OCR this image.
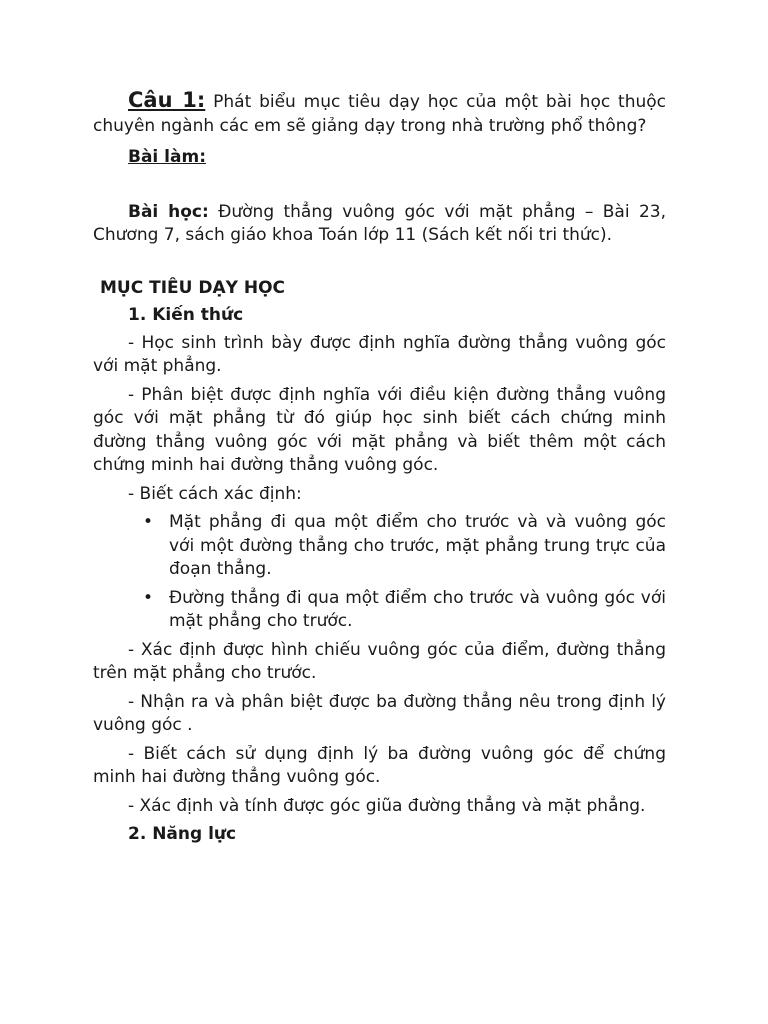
Câu 1: Phát biểu mục tiêu dạy học của một bài học thuộc chuyên ngành các em sẽ giảng dạy trong nhà trường phổ thông?

Bài làm:

Bài học: Đường thẳng vuông góc với mặt phẳng – Bài 23, Chương 7, sách giáo khoa Toán lớp 11 (Sách kết nối tri thức).

MỤC TIÊU DẠY HỌC

1. Kiến thức

- Học sinh trình bày được định nghĩa đường thẳng vuông góc với mặt phẳng.

- Phân biệt được định nghĩa với điều kiện đường thẳng vuông góc với mặt phẳng từ đó giúp học sinh biết cách chứng minh đường thẳng vuông góc với mặt phẳng và biết thêm một cách chứng minh hai đường thẳng vuông góc.

- Biết cách xác định:

• Mặt phẳng đi qua một điểm cho trước và và vuông góc với một đường thẳng cho trước, mặt phẳng trung trực của đoạn thẳng.
• Đường thẳng đi qua một điểm cho trước và vuông góc với mặt phẳng cho trước.

- Xác định được hình chiếu vuông góc của điểm, đường thẳng trên mặt phẳng cho trước.

- Nhận ra và phân biệt được ba đường thẳng nêu trong định lý vuông góc .

- Biết cách sử dụng định lý ba đường vuông góc để chứng minh hai đường thẳng vuông góc.

- Xác định và tính được góc giũa đường thẳng và mặt phẳng.

2. Năng lực
